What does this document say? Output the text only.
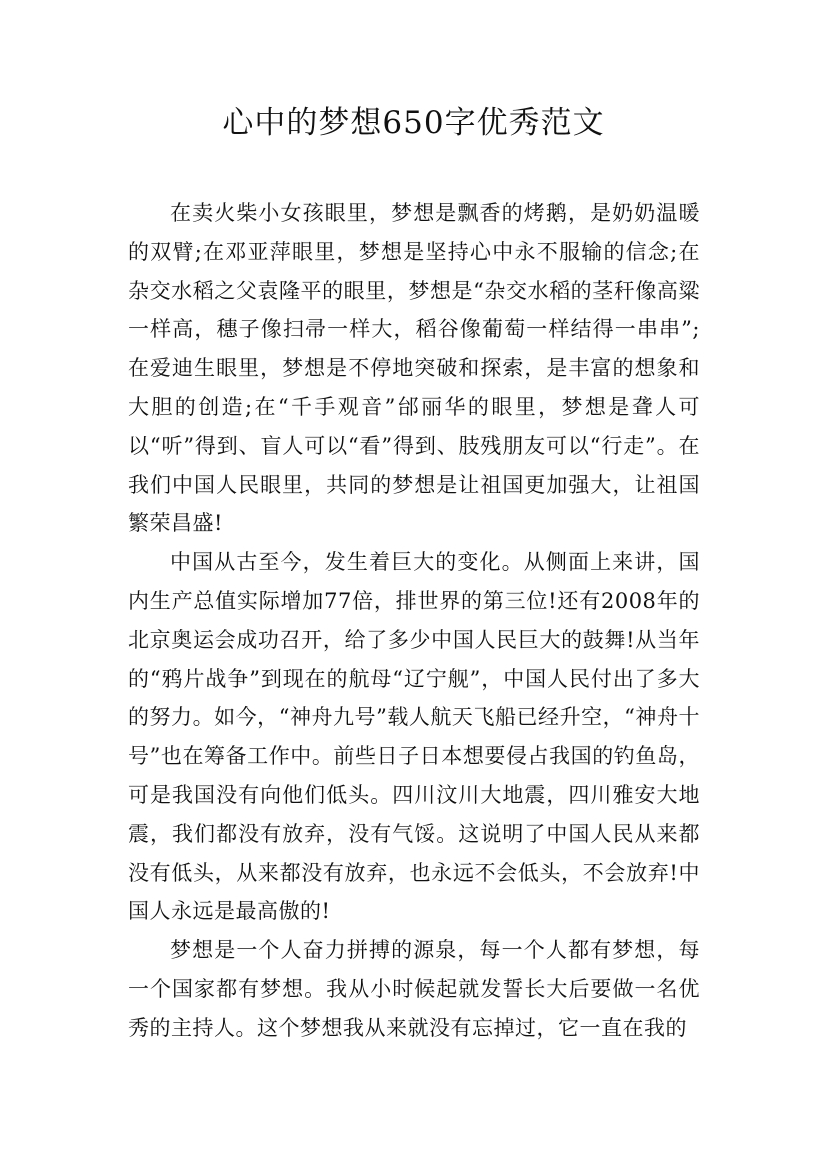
心中的梦想650字优秀范文

在卖火柴小女孩眼里，梦想是飘香的烤鹅，是奶奶温暖的双臂;在邓亚萍眼里，梦想是坚持心中永不服输的信念;在杂交水稻之父袁隆平的眼里，梦想是“杂交水稻的茎秆像高粱一样高，穗子像扫帚一样大，稻谷像葡萄一样结得一串串”;在爱迪生眼里，梦想是不停地突破和探索，是丰富的想象和大胆的创造;在“千手观音”邰丽华的眼里，梦想是聋人可以“听”得到、盲人可以“看”得到、肢残朋友可以“行走”。在我们中国人民眼里，共同的梦想是让祖国更加强大，让祖国繁荣昌盛!

中国从古至今，发生着巨大的变化。从侧面上来讲，国内生产总值实际增加77倍，排世界的第三位!还有2008年的北京奥运会成功召开，给了多少中国人民巨大的鼓舞!从当年的“鸦片战争”到现在的航母“辽宁舰”，中国人民付出了多大的努力。如今，“神舟九号”载人航天飞船已经升空，“神舟十号”也在筹备工作中。前些日子日本想要侵占我国的钓鱼岛，可是我国没有向他们低头。四川汶川大地震，四川雅安大地震，我们都没有放弃，没有气馁。这说明了中国人民从来都没有低头，从来都没有放弃，也永远不会低头，不会放弃!中国人永远是最高傲的!

梦想是一个人奋力拼搏的源泉，每一个人都有梦想，每一个国家都有梦想。我从小时候起就发誓长大后要做一名优秀的主持人。这个梦想我从来就没有忘掉过，它一直在我的
